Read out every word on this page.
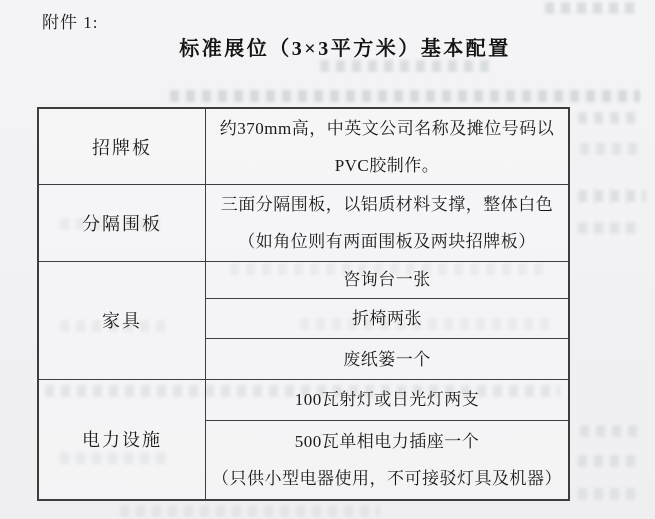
附件 1:
标准展位（3×3平方米）基本配置
招牌板
约370mm高，中英文公司名称及摊位号码以
PVC胶制作。
分隔围板
三面分隔围板，以铝质材料支撑，整体白色
（如角位则有两面围板及两块招牌板）
家具
咨询台一张
折椅两张
废纸篓一个
电力设施
100瓦射灯或日光灯两支
500瓦单相电力插座一个
（只供小型电器使用，不可接驳灯具及机器）
